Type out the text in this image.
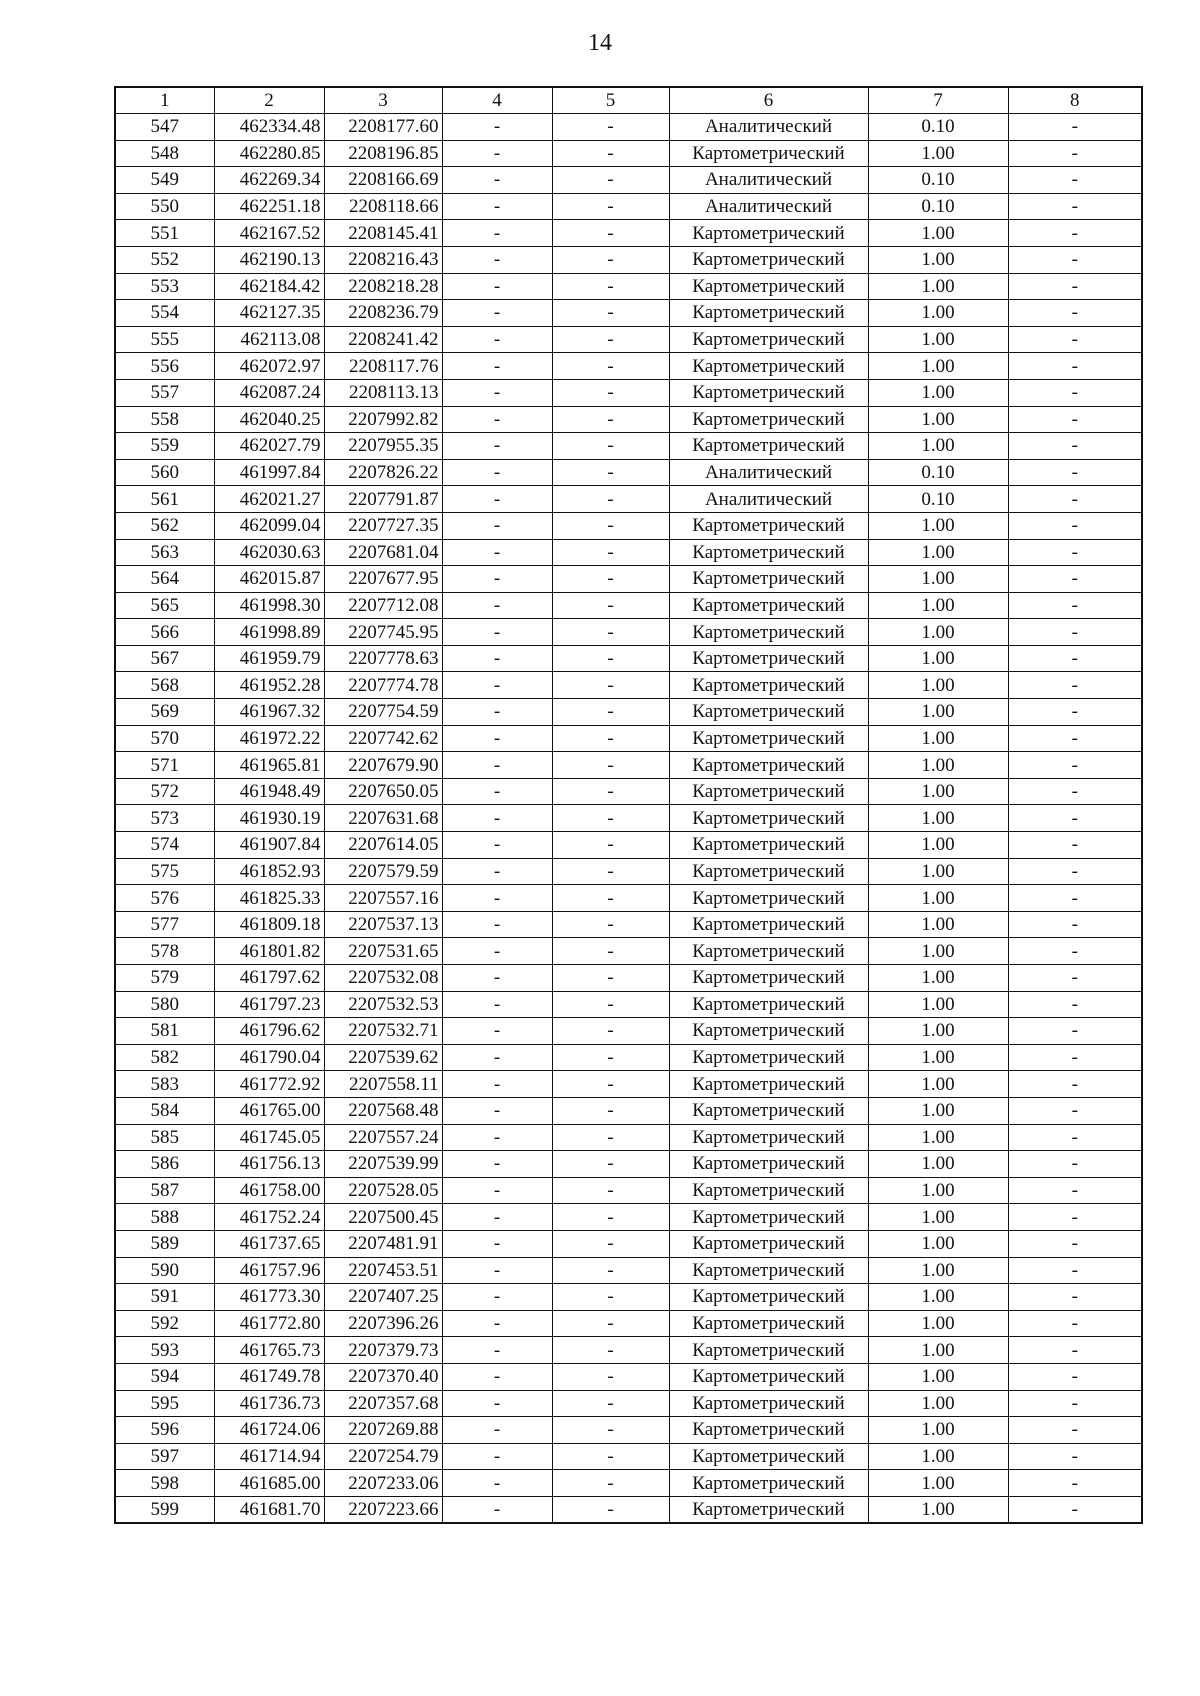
14
1	2	3	4	5	6	7	8
547	462334.48	2208177.60	-	-	Аналитический	0.10	-
548	462280.85	2208196.85	-	-	Картометрический	1.00	-
549	462269.34	2208166.69	-	-	Аналитический	0.10	-
550	462251.18	2208118.66	-	-	Аналитический	0.10	-
551	462167.52	2208145.41	-	-	Картометрический	1.00	-
552	462190.13	2208216.43	-	-	Картометрический	1.00	-
553	462184.42	2208218.28	-	-	Картометрический	1.00	-
554	462127.35	2208236.79	-	-	Картометрический	1.00	-
555	462113.08	2208241.42	-	-	Картометрический	1.00	-
556	462072.97	2208117.76	-	-	Картометрический	1.00	-
557	462087.24	2208113.13	-	-	Картометрический	1.00	-
558	462040.25	2207992.82	-	-	Картометрический	1.00	-
559	462027.79	2207955.35	-	-	Картометрический	1.00	-
560	461997.84	2207826.22	-	-	Аналитический	0.10	-
561	462021.27	2207791.87	-	-	Аналитический	0.10	-
562	462099.04	2207727.35	-	-	Картометрический	1.00	-
563	462030.63	2207681.04	-	-	Картометрический	1.00	-
564	462015.87	2207677.95	-	-	Картометрический	1.00	-
565	461998.30	2207712.08	-	-	Картометрический	1.00	-
566	461998.89	2207745.95	-	-	Картометрический	1.00	-
567	461959.79	2207778.63	-	-	Картометрический	1.00	-
568	461952.28	2207774.78	-	-	Картометрический	1.00	-
569	461967.32	2207754.59	-	-	Картометрический	1.00	-
570	461972.22	2207742.62	-	-	Картометрический	1.00	-
571	461965.81	2207679.90	-	-	Картометрический	1.00	-
572	461948.49	2207650.05	-	-	Картометрический	1.00	-
573	461930.19	2207631.68	-	-	Картометрический	1.00	-
574	461907.84	2207614.05	-	-	Картометрический	1.00	-
575	461852.93	2207579.59	-	-	Картометрический	1.00	-
576	461825.33	2207557.16	-	-	Картометрический	1.00	-
577	461809.18	2207537.13	-	-	Картометрический	1.00	-
578	461801.82	2207531.65	-	-	Картометрический	1.00	-
579	461797.62	2207532.08	-	-	Картометрический	1.00	-
580	461797.23	2207532.53	-	-	Картометрический	1.00	-
581	461796.62	2207532.71	-	-	Картометрический	1.00	-
582	461790.04	2207539.62	-	-	Картометрический	1.00	-
583	461772.92	2207558.11	-	-	Картометрический	1.00	-
584	461765.00	2207568.48	-	-	Картометрический	1.00	-
585	461745.05	2207557.24	-	-	Картометрический	1.00	-
586	461756.13	2207539.99	-	-	Картометрический	1.00	-
587	461758.00	2207528.05	-	-	Картометрический	1.00	-
588	461752.24	2207500.45	-	-	Картометрический	1.00	-
589	461737.65	2207481.91	-	-	Картометрический	1.00	-
590	461757.96	2207453.51	-	-	Картометрический	1.00	-
591	461773.30	2207407.25	-	-	Картометрический	1.00	-
592	461772.80	2207396.26	-	-	Картометрический	1.00	-
593	461765.73	2207379.73	-	-	Картометрический	1.00	-
594	461749.78	2207370.40	-	-	Картометрический	1.00	-
595	461736.73	2207357.68	-	-	Картометрический	1.00	-
596	461724.06	2207269.88	-	-	Картометрический	1.00	-
597	461714.94	2207254.79	-	-	Картометрический	1.00	-
598	461685.00	2207233.06	-	-	Картометрический	1.00	-
599	461681.70	2207223.66	-	-	Картометрический	1.00	-
